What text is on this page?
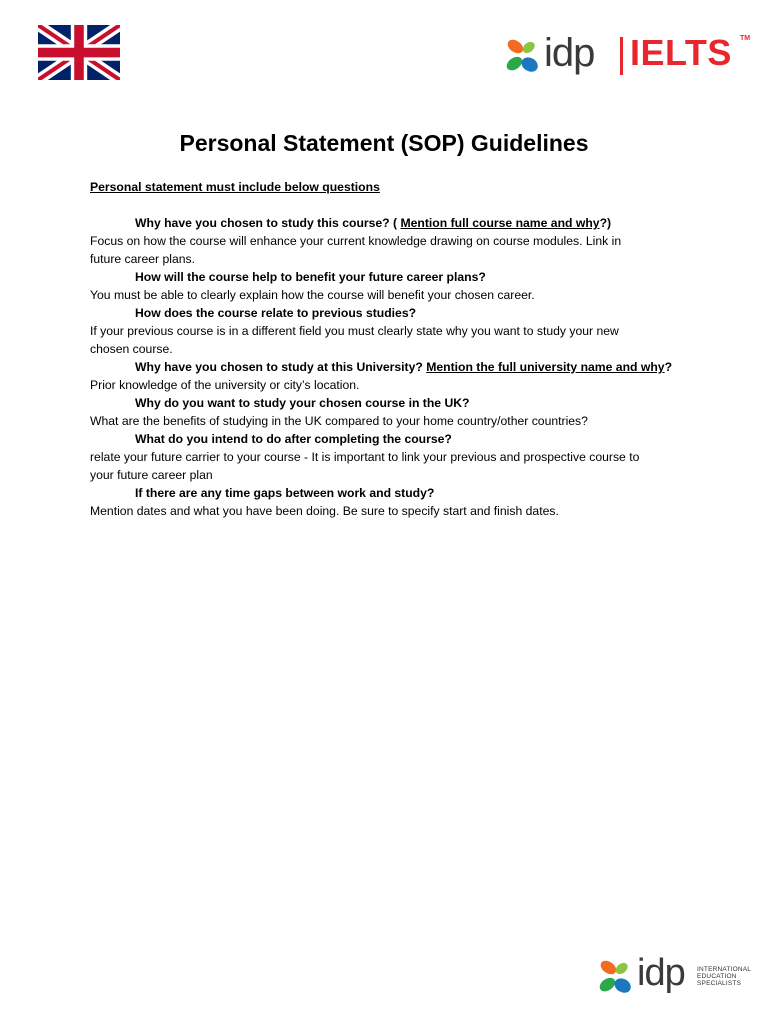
idp IELTS TM
Personal Statement (SOP) Guidelines
Personal statement must include below questions
Why have you chosen to study this course? ( Mention full course name and why?)
Focus on how the course will enhance your current knowledge drawing on course modules. Link in
future career plans.
How will the course help to benefit your future career plans?
You must be able to clearly explain how the course will benefit your chosen career.
How does the course relate to previous studies?
If your previous course is in a different field you must clearly state why you want to study your new
chosen course.
Why have you chosen to study at this University? Mention the full university name and why?
Prior knowledge of the university or city’s location.
Why do you want to study your chosen course in the UK?
What are the benefits of studying in the UK compared to your home country/other countries?
What do you intend to do after completing the course?
relate your future carrier to your course - It is important to link your previous and prospective course to
your future career plan
If there are any time gaps between work and study?
Mention dates and what you have been doing. Be sure to specify start and finish dates.
idp INTERNATIONAL
EDUCATION
SPECIALISTS
